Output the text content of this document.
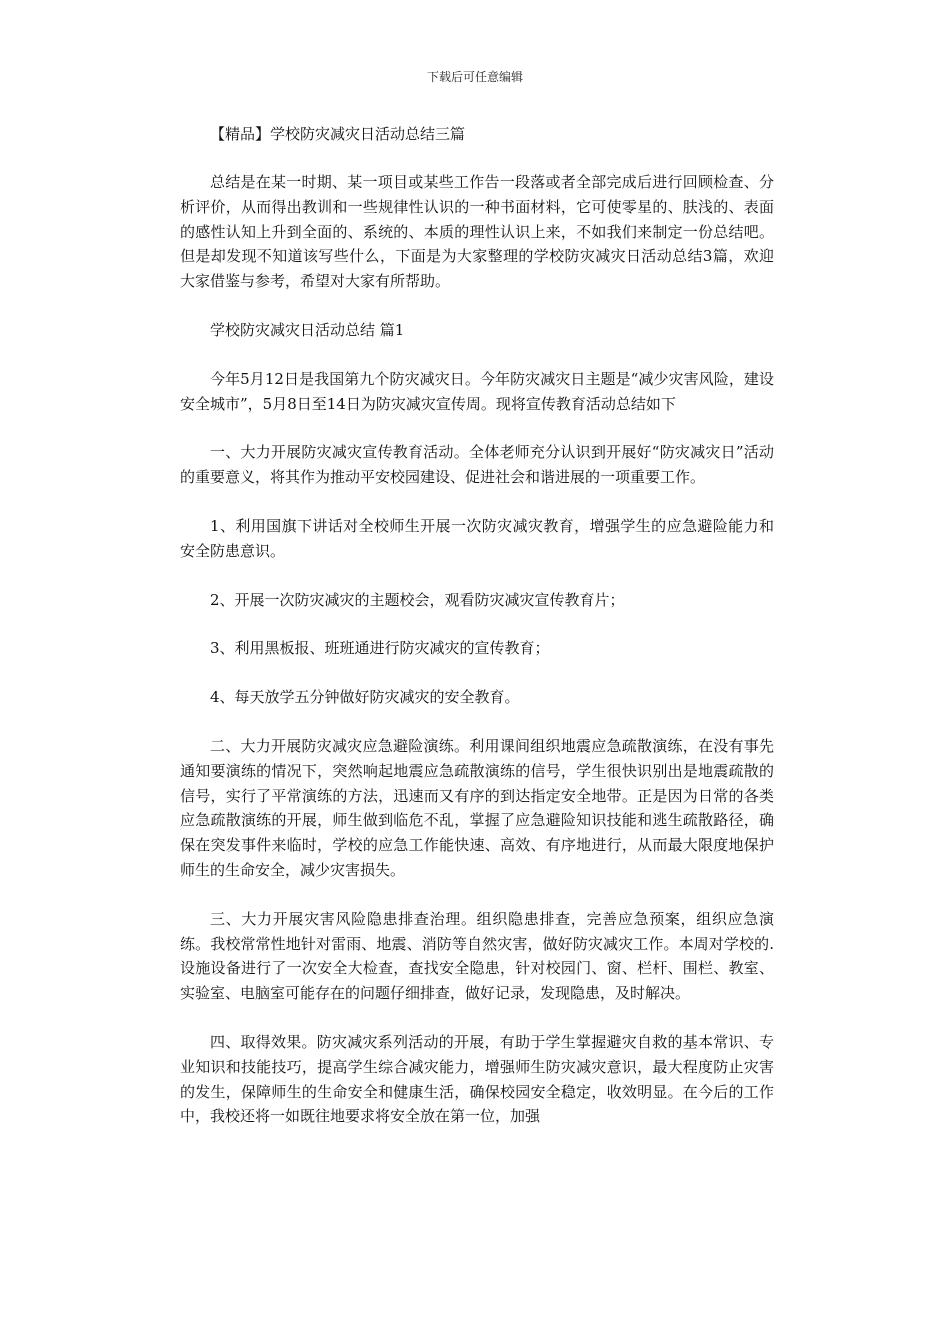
下载后可任意编辑
【精品】学校防灾减灾日活动总结三篇

总结是在某一时期、某一项目或某些工作告一段落或者全部完成后进行回顾检查、分析评价，从而得出教训和一些规律性认识的一种书面材料，它可使零星的、肤浅的、表面的感性认知上升到全面的、系统的、本质的理性认识上来，不如我们来制定一份总结吧。但是却发现不知道该写些什么，下面是为大家整理的学校防灾减灾日活动总结3篇，欢迎大家借鉴与参考，希望对大家有所帮助。

学校防灾减灾日活动总结 篇1

今年5月12日是我国第九个防灾减灾日。今年防灾减灾日主题是“减少灾害风险，建设安全城市”，5月8日至14日为防灾减灾宣传周。现将宣传教育活动总结如下

一、大力开展防灾减灾宣传教育活动。全体老师充分认识到开展好“防灾减灾日”活动的重要意义，将其作为推动平安校园建设、促进社会和谐进展的一项重要工作。

1、利用国旗下讲话对全校师生开展一次防灾减灾教育，增强学生的应急避险能力和安全防患意识。

2、开展一次防灾减灾的主题校会，观看防灾减灾宣传教育片；

3、利用黑板报、班班通进行防灾减灾的宣传教育；

4、每天放学五分钟做好防灾减灾的安全教育。

二、大力开展防灾减灾应急避险演练。利用课间组织地震应急疏散演练，在没有事先通知要演练的情况下，突然响起地震应急疏散演练的信号，学生很快识别出是地震疏散的信号，实行了平常演练的方法，迅速而又有序的到达指定安全地带。正是因为日常的各类应急疏散演练的开展，师生做到临危不乱，掌握了应急避险知识技能和逃生疏散路径，确保在突发事件来临时，学校的应急工作能快速、高效、有序地进行，从而最大限度地保护师生的生命安全，减少灾害损失。

三、大力开展灾害风险隐患排查治理。组织隐患排查，完善应急预案，组织应急演练。我校常常性地针对雷雨、地震、消防等自然灾害，做好防灾减灾工作。本周对学校的.设施设备进行了一次安全大检查，查找安全隐患，针对校园门、窗、栏杆、围栏、教室、实验室、电脑室可能存在的问题仔细排查，做好记录，发现隐患，及时解决。

四、取得效果。防灾减灾系列活动的开展，有助于学生掌握避灾自救的基本常识、专业知识和技能技巧，提高学生综合减灾能力，增强师生防灾减灾意识，最大程度防止灾害的发生，保障师生的生命安全和健康生活，确保校园安全稳定，收效明显。在今后的工作中，我校还将一如既往地要求将安全放在第一位，加强
